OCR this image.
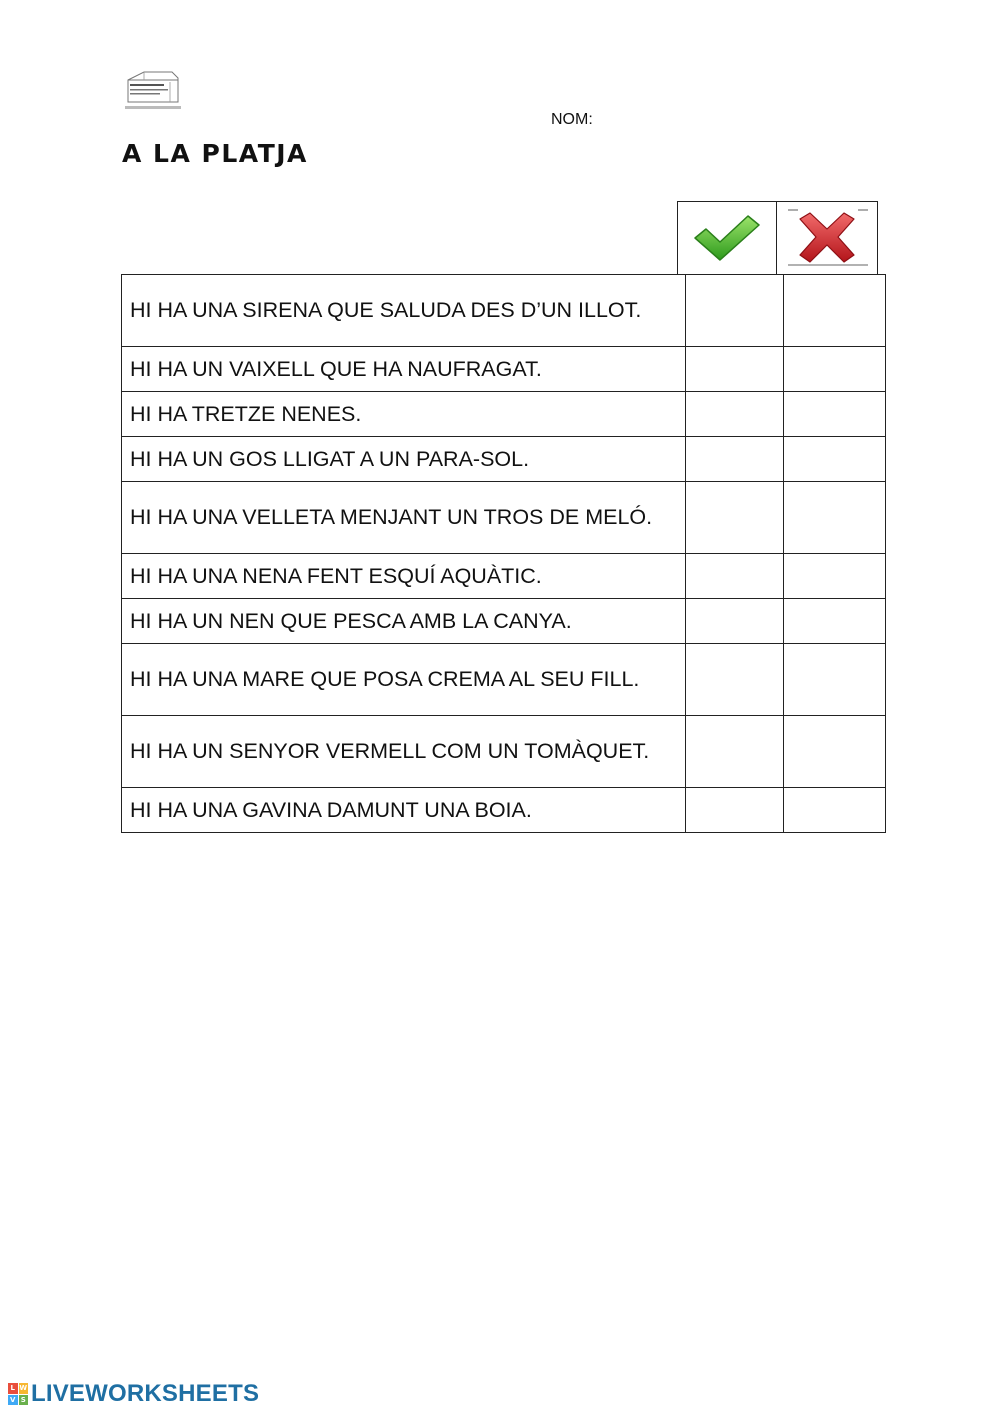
NOM:
A LA PLATJA
HI HA UNA SIRENA QUE SALUDA DES D’UN ILLOT.		
HI HA UN VAIXELL QUE HA NAUFRAGAT.		
HI HA TRETZE NENES.		
HI HA UN GOS LLIGAT A UN PARA-SOL.		
HI HA UNA VELLETA MENJANT UN TROS DE MELÓ.		
HI HA UNA NENA FENT ESQUÍ AQUÀTIC.		
HI HA UN NEN QUE PESCA AMB LA CANYA.		
HI HA UNA MARE QUE POSA CREMA AL SEU FILL.		
HI HA UN SENYOR VERMELL COM UN TOMÀQUET.		
HI HA UNA GAVINA DAMUNT UNA BOIA.		
L W
V S LIVEWORKSHEETS
